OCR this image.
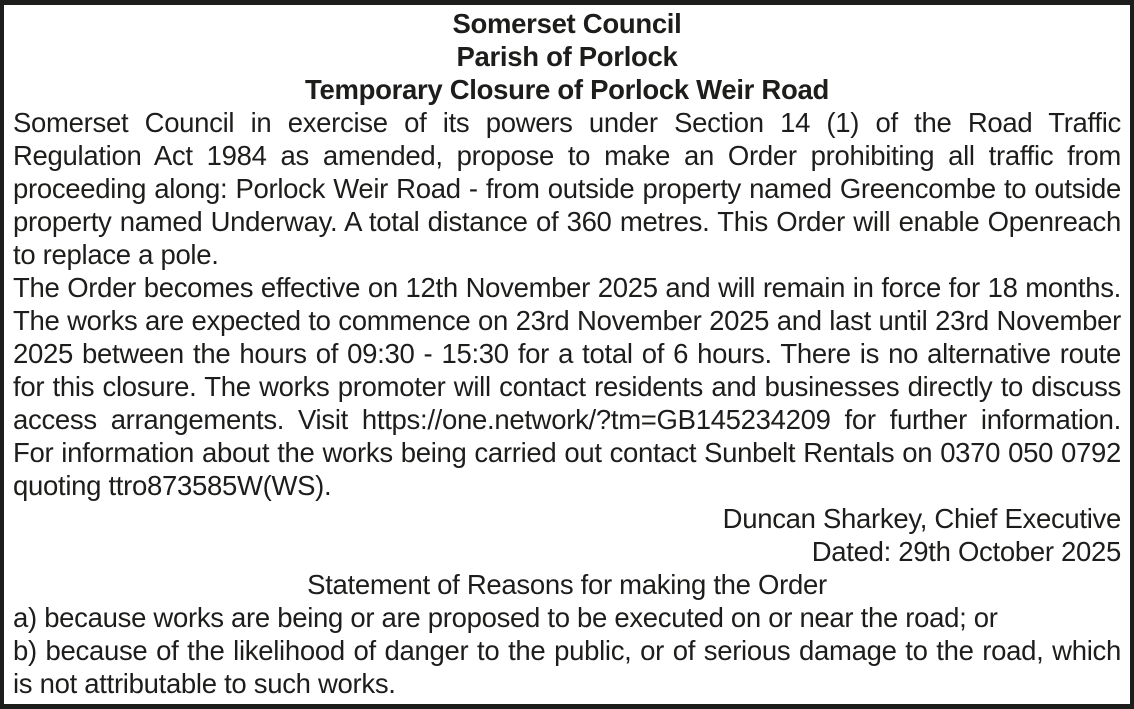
Somerset Council
Parish of Porlock
Temporary Closure of Porlock Weir Road

Somerset Council in exercise of its powers under Section 14 (1) of the Road Traffic Regulation Act 1984 as amended, propose to make an Order prohibiting all traffic from proceeding along: Porlock Weir Road - from outside property named Greencombe to outside property named Underway. A total distance of 360 metres. This Order will enable Openreach to replace a pole.

The Order becomes effective on 12th November 2025 and will remain in force for 18 months. The works are expected to commence on 23rd November 2025 and last until 23rd November 2025 between the hours of 09:30 - 15:30 for a total of 6 hours. There is no alternative route for this closure. The works promoter will contact residents and businesses directly to discuss access arrangements. Visit https://one.network/?tm=GB145234209 for further information. For information about the works being carried out contact Sunbelt Rentals on 0370 050 0792 quoting ttro873585W(WS).

Duncan Sharkey, Chief Executive
Dated: 29th October 2025
Statement of Reasons for making the Order

a) because works are being or are proposed to be executed on or near the road; or

b) because of the likelihood of danger to the public, or of serious damage to the road, which is not attributable to such works.
